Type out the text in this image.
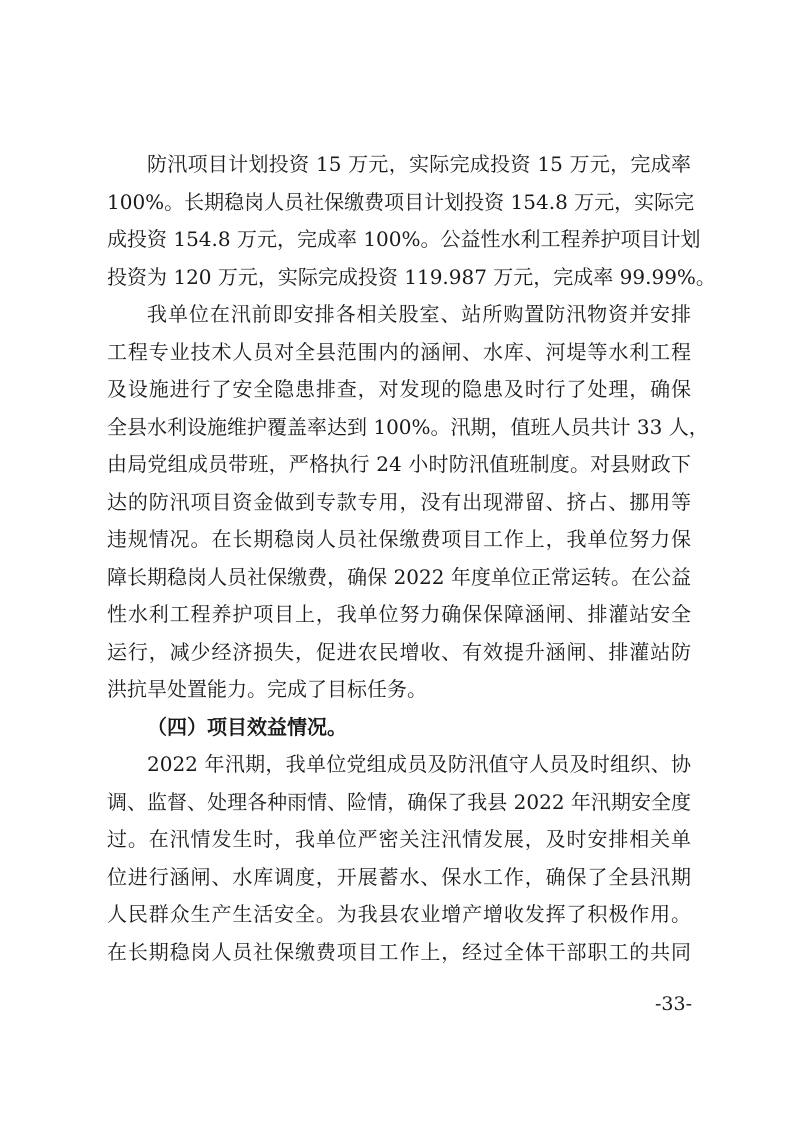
防汛项目计划投资 15 万元，实际完成投资 15 万元，完成率
100%。长期稳岗人员社保缴费项目计划投资 154.8 万元，实际完
成投资 154.8 万元，完成率 100%。公益性水利工程养护项目计划
投资为 120 万元，实际完成投资 119.987 万元，完成率 99.99%。
我单位在汛前即安排各相关股室、站所购置防汛物资并安排
工程专业技术人员对全县范围内的涵闸、水库、河堤等水利工程
及设施进行了安全隐患排查，对发现的隐患及时行了处理，确保
全县水利设施维护覆盖率达到 100%。汛期，值班人员共计 33 人，
由局党组成员带班，严格执行 24 小时防汛值班制度。对县财政下
达的防汛项目资金做到专款专用，没有出现滞留、挤占、挪用等
违规情况。在长期稳岗人员社保缴费项目工作上，我单位努力保
障长期稳岗人员社保缴费，确保 2022 年度单位正常运转。在公益
性水利工程养护项目上，我单位努力确保保障涵闸、排灌站安全
运行，减少经济损失，促进农民增收、有效提升涵闸、排灌站防
洪抗旱处置能力。完成了目标任务。
（四）项目效益情况。
2022 年汛期，我单位党组成员及防汛值守人员及时组织、协
调、监督、处理各种雨情、险情，确保了我县 2022 年汛期安全度
过。在汛情发生时，我单位严密关注汛情发展，及时安排相关单
位进行涵闸、水库调度，开展蓄水、保水工作，确保了全县汛期
人民群众生产生活安全。为我县农业增产增收发挥了积极作用。
在长期稳岗人员社保缴费项目工作上，经过全体干部职工的共同
-33-
